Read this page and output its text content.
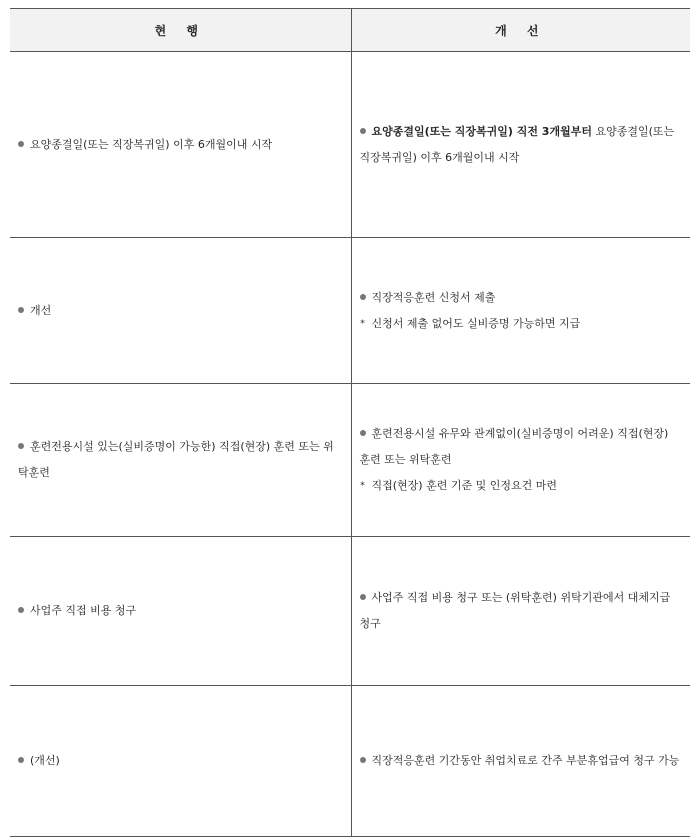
현 행	개 선

요양종결일(또는 직장복귀일) 이후 6개월이내 시작	요양종결일(또는 직장복귀일) 직전 3개월부터 요양종결일(또는 직장복귀일) 이후 6개월이내 시작

개선	직장적응훈련 신청서 제출
* 신청서 제출 없어도 실비증명 가능하면 지급

훈련전용시설 있는(실비증명이 가능한) 직접(현장) 훈련 또는 위탁훈련	훈련전용시설 유무와 관계없이(실비증명이 어려운) 직접(현장) 훈련 또는 위탁훈련
* 직접(현장) 훈련 기준 및 인정요건 마련

사업주 직접 비용 청구	사업주 직접 비용 청구 또는 (위탁훈련) 위탁기관에서 대체지급 청구

(개선)	직장적응훈련 기간동안 취업치료로 간주 부분휴업급여 청구 가능
